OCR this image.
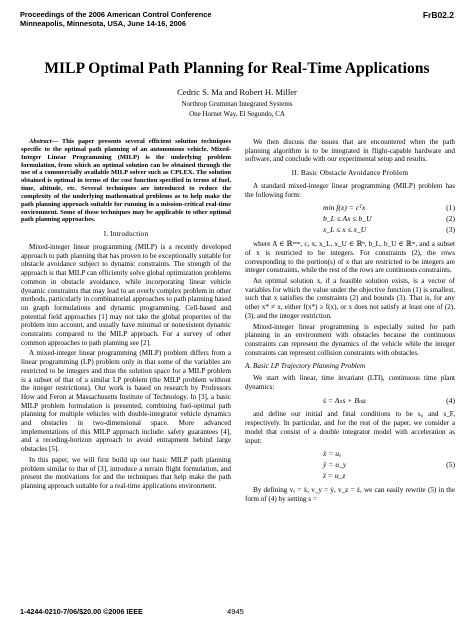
Proceedings of the 2006 American Control Conference
Minneapolis, Minnesota, USA, June 14-16, 2006
FrB02.2
MILP Optimal Path Planning for Real-Time Applications
Cedric S. Ma and Robert H. Miller
Northrop Grumman Integrated Systems
One Hornet Way, El Segundo, CA

Abstract— This paper presents several efficient solution techniques specific to the optimal path planning of an autonomous vehicle. Mixed-Integer Linear Programming (MILP) is the underlying problem formulation, from which an optimal solution can be obtained through the use of a commercially available MILP solver such as CPLEX. The solution obtained is optimal in terms of the cost function specified in terms of fuel, time, altitude, etc. Several techniques are introduced to reduce the complexity of the underlying mathematical problems as to help make the path planning approach suitable for running in a mission-critical real-time environment. Some of these techniques may be applicable to other optimal path planning approaches.

I. Introduction

Mixed-integer linear programming (MILP) is a recently developed approach to path planning that has proven to be exceptionally suitable for obstacle avoidance subject to dynamic constraints. The strength of the approach is that MILP can efficiently solve global optimization problems common in obstacle avoidance, while incorporating linear vehicle dynamic constraints that may lead to an overly complex problem in other methods, particularly in combinatorial approaches to path planning based on graph formulations and dynamic programming. Cell-based and potential field approaches [1] may not take the global properties of the problem into account, and usually have minimal or nonexistent dynamic constraints compared to the MILP approach. For a survey of other common approaches to path planning see [2].

A mixed-integer linear programming (MILP) problem differs from a linear programming (LP) problem only in that some of the variables are restricted to be integers and thus the solution space for a MILP problem is a subset of that of a similar LP problem (the MILP problem without the integer restrictions). Our work is based on research by Professors How and Feron at Massachusetts Institute of Technology. In [3], a basic MILP problem formulation is presented, combining fuel-optimal path planning for multiple vehicles with double-integrator vehicle dynamics and obstacles in two-dimensional space. More advanced implementations of this MILP approach include: safety guarantees [4], and a receding-horizon approach to avoid entrapment behind large obstacles [5].

In this paper, we will first build up our basic MILP path planning problem similar to that of [3], introduce a terrain flight formulation, and present the motivations for and the techniques that help make the path planning approach suitable for a real-time applications environment.

We then discuss the issues that are encountered when the path planning algorithm is to be integrated in flight-capable hardware and software, and conclude with our experimental setup and results.

II. Basic Obstacle Avoidance Problem

A standard mixed-integer linear programming (MILP) problem has the following form:

min f(x) = cᵀx	(1)
b_L ≤ Ax ≤ b_U	(2)
x_L ≤ x ≤ x_U	(3)

where A ∈ ℝᵐˣⁿ, c, x, x_L, x_U ∈ ℝⁿ, b_L, b_U ∈ ℝᵐ, and a subset of x is restricted to be integers. For constraints (2), the rows corresponding to the portion(s) of x that are restricted to be integers are integer constraints, while the rest of the rows are continuous constraints.

An optimal solution x, if a feasible solution exists, is a vector of variables for which the value under the objective function (1) is smallest, such that x satisfies the constraints (2) and bounds (3). That is, for any other x* ≠ x, either f(x*) ≥ f(x), or x does not satisfy at least one of (2), (3), and the integer restriction.

Mixed-integer linear programming is especially suited for path planning in an environment with obstacles because the continuous constraints can represent the dynamics of the vehicle while the integer constraints can represent collision constraints with obstacles.

A. Basic LP Trajectory Planning Problem

We start with linear, time invariant (LTI), continuous time plant dynamics:

ṡ = Aₙs + Bₙu	(4)

and define our initial and final conditions to be s₀ and s_F, respectively. In particular, and for the rest of the paper, we consider a model that consist of a double integrator model with acceleration as input:

ẍ = uₓ
ÿ = u_y	(5)
z̈ = u_z

By defining vₓ = ẋ, v_y = ẏ, v_z = ż, we can easily rewrite (5) in the form of (4) by setting s =

1-4244-0210-7/06/$20.00 ©2006 IEEE	4945
